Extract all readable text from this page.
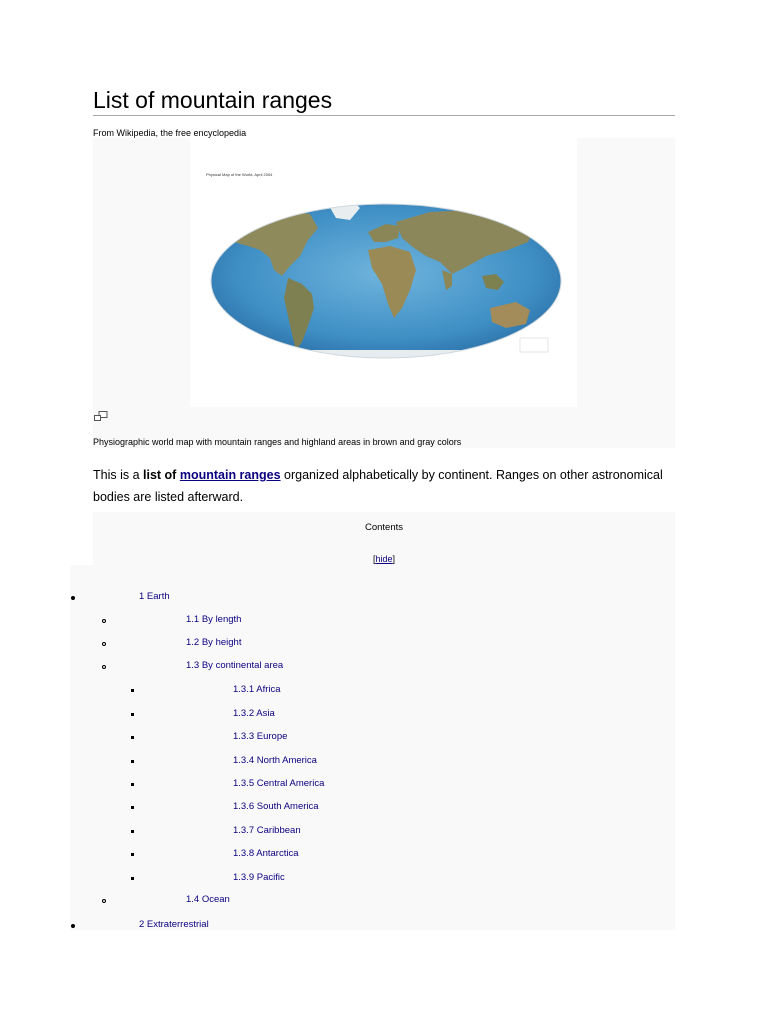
List of mountain ranges
From Wikipedia, the free encyclopedia
Physical Map of the World, April 2004
Physiographic world map with mountain ranges and highland areas in brown and gray colors
This is a list of mountain ranges organized alphabetically by continent. Ranges on other astronomical bodies are listed afterward.
Contents
[hide]
1 Earth
1.1 By length
1.2 By height
1.3 By continental area
1.3.1 Africa
1.3.2 Asia
1.3.3 Europe
1.3.4 North America
1.3.5 Central America
1.3.6 South America
1.3.7 Caribbean
1.3.8 Antarctica
1.3.9 Pacific
1.4 Ocean
2 Extraterrestrial
